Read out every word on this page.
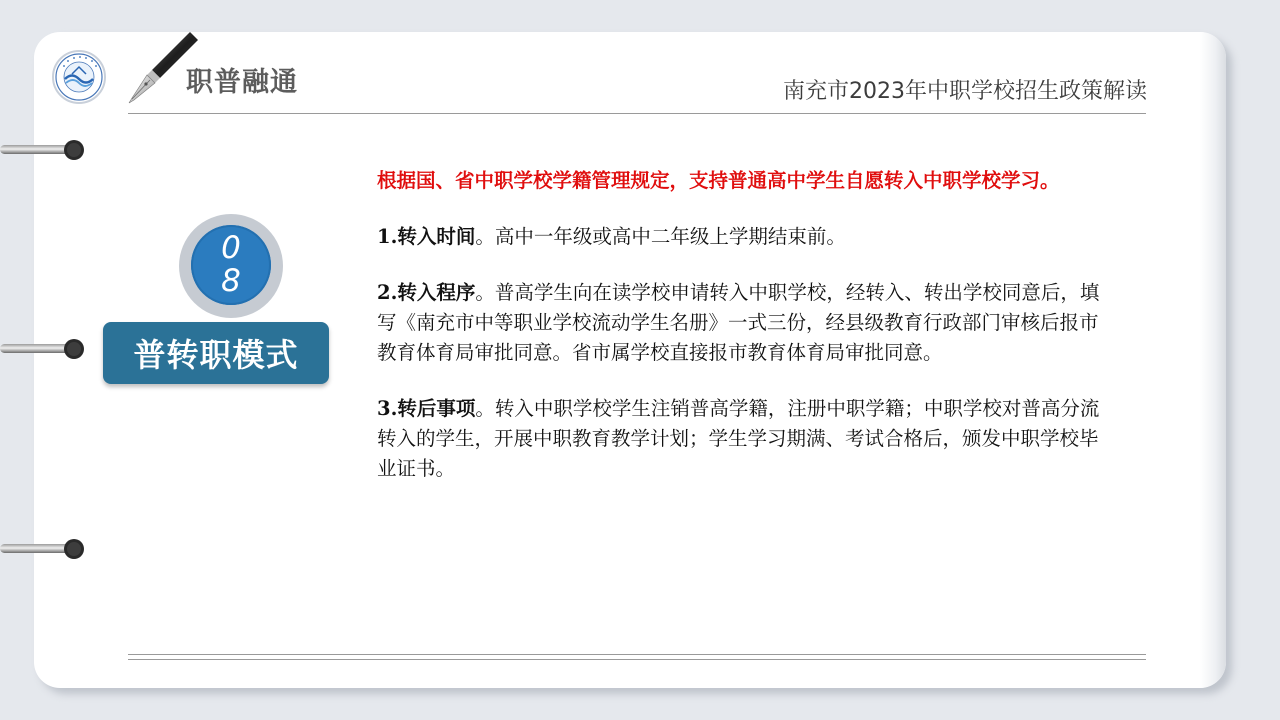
职普融通	南充市2023年中职学校招生政策解读
0
8
普转职模式
根据国、省中职学校学籍管理规定，支持普通高中学生自愿转入中职学校学习。
1.转入时间。高中一年级或高中二年级上学期结束前。
2.转入程序。普高学生向在读学校申请转入中职学校，经转入、转出学校同意后，填写《南充市中等职业学校流动学生名册》一式三份，经县级教育行政部门审核后报市教育体育局审批同意。省市属学校直接报市教育体育局审批同意。
3.转后事项。转入中职学校学生注销普高学籍，注册中职学籍；中职学校对普高分流转入的学生，开展中职教育教学计划；学生学习期满、考试合格后，颁发中职学校毕业证书。
